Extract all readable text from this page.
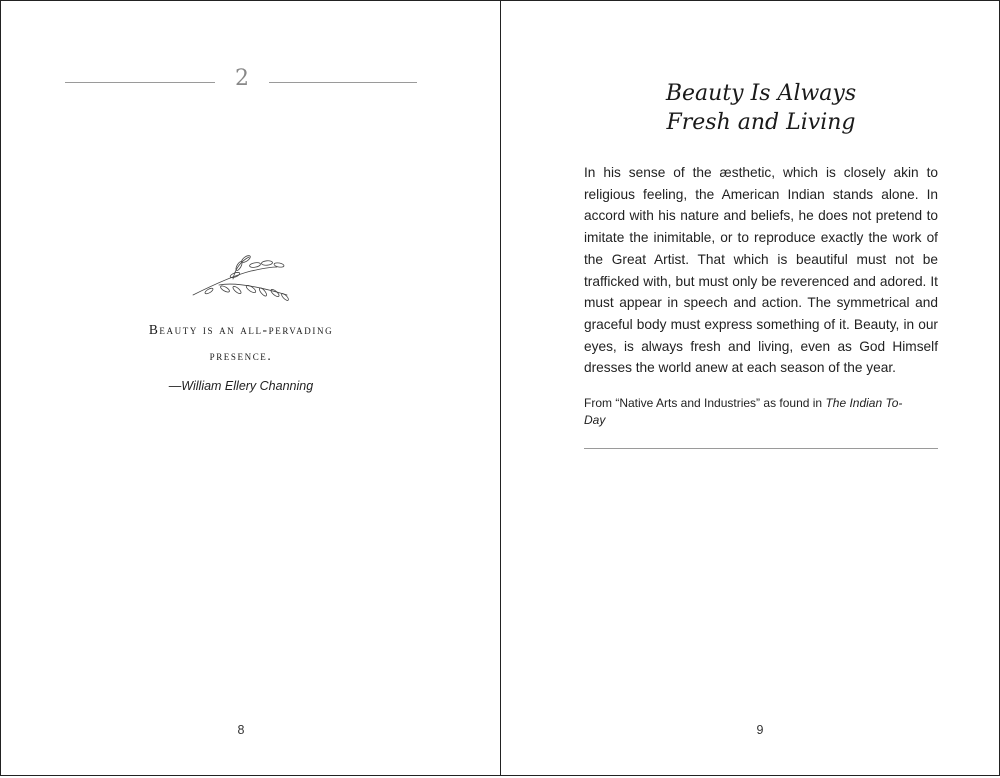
2
Beauty is an all-pervading
presence.
—William Ellery Channing
8
Beauty Is Always
Fresh and Living
In his sense of the æsthetic, which is closely akin to religious feeling, the American Indian stands alone. In accord with his nature and beliefs, he does not pretend to imitate the inimitable, or to reproduce exactly the work of the Great Artist. That which is beautiful must not be trafficked with, but must only be reverenced and adored. It must appear in speech and action. The symmetrical and graceful body must express something of it. Beauty, in our eyes, is always fresh and living, even as God Himself dresses the world anew at each season of the year.
From “Native Arts and Industries” as found in The Indian To-Day
9
